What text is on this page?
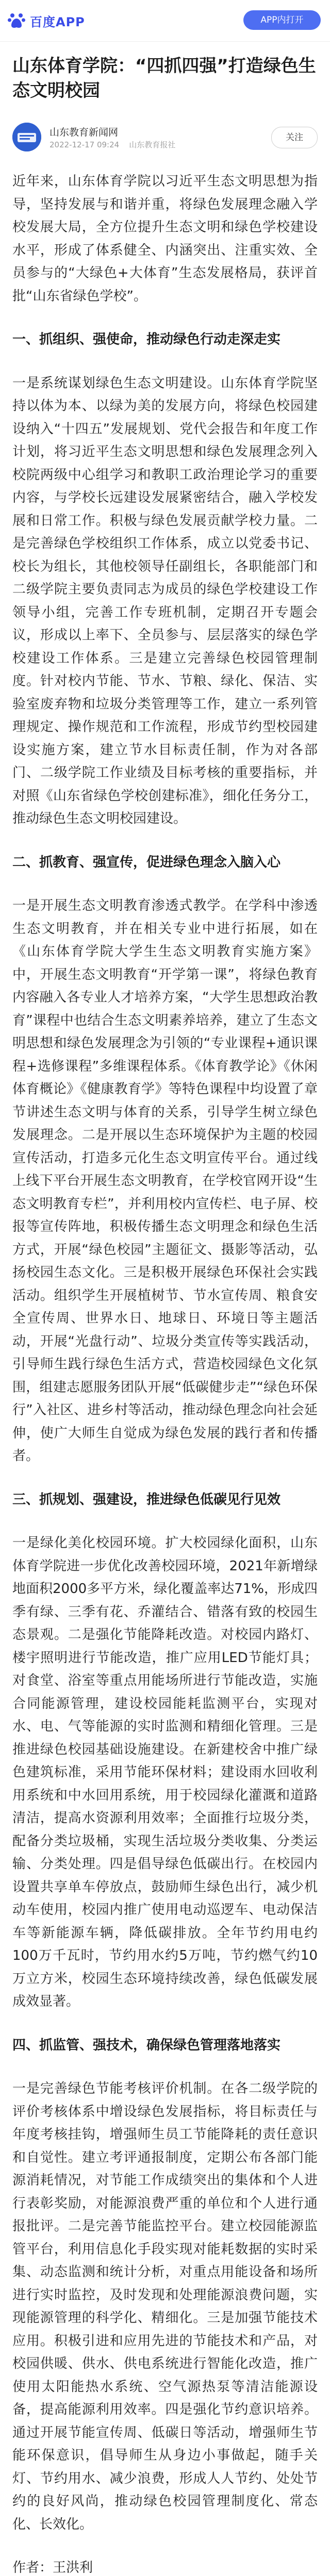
百度APP	APP内打开
山东体育学院：“四抓四强”打造绿色生态文明校园
山东教育新闻网
2022-12-17 09:24 山东教育报社
关注

近年来，山东体育学院以习近平生态文明思想为指导，坚持发展与和谐并重，将绿色发展理念融入学校发展大局，全方位提升生态文明和绿色学校建设水平，形成了体系健全、内涵突出、注重实效、全员参与的“大绿色+大体育”生态发展格局，获评首批“山东省绿色学校”。

一、抓组织、强使命，推动绿色行动走深走实

一是系统谋划绿色生态文明建设。山东体育学院坚持以体为本、以绿为美的发展方向，将绿色校园建设纳入“十四五”发展规划、党代会报告和年度工作计划，将习近平生态文明思想和绿色发展理念列入校院两级中心组学习和教职工政治理论学习的重要内容，与学校长远建设发展紧密结合，融入学校发展和日常工作。积极与绿色发展贡献学校力量。二是完善绿色学校组织工作体系，成立以党委书记、校长为组长，其他校领导任副组长，各职能部门和二级学院主要负责同志为成员的绿色学校建设工作领导小组，完善工作专班机制，定期召开专题会议，形成以上率下、全员参与、层层落实的绿色学校建设工作体系。三是建立完善绿色校园管理制度。针对校内节能、节水、节粮、绿化、保洁、实验室废弃物和垃圾分类管理等工作，建立一系列管理规定、操作规范和工作流程，形成节约型校园建设实施方案，建立节水目标责任制，作为对各部门、二级学院工作业绩及目标考核的重要指标，并对照《山东省绿色学校创建标准》，细化任务分工，推动绿色生态文明校园建设。

二、抓教育、强宣传，促进绿色理念入脑入心

一是开展生态文明教育渗透式教学。在学科中渗透生态文明教育，并在相关专业中进行拓展，如在《山东体育学院大学生生态文明教育实施方案》中，开展生态文明教育“开学第一课”，将绿色教育内容融入各专业人才培养方案，“大学生思想政治教育”课程中也结合生态文明素养培养，建立了生态文明思想和绿色发展理念为引领的“专业课程+通识课程+选修课程”多维课程体系。《体育教学论》《休闲体育概论》《健康教育学》等特色课程中均设置了章节讲述生态文明与体育的关系，引导学生树立绿色发展理念。二是开展以生态环境保护为主题的校园宣传活动，打造多元化生态文明宣传平台。通过线上线下平台开展生态文明教育，在学校官网开设“生态文明教育专栏”，并利用校内宣传栏、电子屏、校报等宣传阵地，积极传播生态文明理念和绿色生活方式，开展“绿色校园”主题征文、摄影等活动，弘扬校园生态文化。三是积极开展绿色环保社会实践活动。组织学生开展植树节、节水宣传周、粮食安全宣传周、世界水日、地球日、环境日等主题活动，开展“光盘行动”、垃圾分类宣传等实践活动，引导师生践行绿色生活方式，营造校园绿色文化氛围，组建志愿服务团队开展“低碳健步走”“绿色环保行”入社区、进乡村等活动，推动绿色理念向社会延伸，使广大师生自觉成为绿色发展的践行者和传播者。

三、抓规划、强建设，推进绿色低碳见行见效

一是绿化美化校园环境。扩大校园绿化面积，山东体育学院进一步优化改善校园环境，2021年新增绿地面积2000多平方米，绿化覆盖率达71%，形成四季有绿、三季有花、乔灌结合、错落有致的校园生态景观。二是强化节能降耗改造。对校园内路灯、楼宇照明进行节能改造，推广应用LED节能灯具；对食堂、浴室等重点用能场所进行节能改造，实施合同能源管理，建设校园能耗监测平台，实现对水、电、气等能源的实时监测和精细化管理。三是推进绿色校园基础设施建设。在新建校舍中推广绿色建筑标准，采用节能环保材料；建设雨水回收利用系统和中水回用系统，用于校园绿化灌溉和道路清洁，提高水资源利用效率；全面推行垃圾分类，配备分类垃圾桶，实现生活垃圾分类收集、分类运输、分类处理。四是倡导绿色低碳出行。在校园内设置共享单车停放点，鼓励师生绿色出行，减少机动车使用，校园内推广使用电动巡逻车、电动保洁车等新能源车辆，降低碳排放。全年节约用电约100万千瓦时，节约用水约5万吨，节约燃气约10万立方米，校园生态环境持续改善，绿色低碳发展成效显著。

四、抓监管、强技术，确保绿色管理落地落实

一是完善绿色节能考核评价机制。在各二级学院的评价考核体系中增设绿色发展指标，将目标责任与年度考核挂钩，增强师生员工节能降耗的责任意识和自觉性。建立考评通报制度，定期公布各部门能源消耗情况，对节能工作成绩突出的集体和个人进行表彰奖励，对能源浪费严重的单位和个人进行通报批评。二是完善节能监控平台。建立校园能源监管平台，利用信息化手段实现对能耗数据的实时采集、动态监测和统计分析，对重点用能设备和场所进行实时监控，及时发现和处理能源浪费问题，实现能源管理的科学化、精细化。三是加强节能技术应用。积极引进和应用先进的节能技术和产品，对校园供暖、供水、供电系统进行智能化改造，推广使用太阳能热水系统、空气源热泵等清洁能源设备，提高能源利用效率。四是强化节约意识培养。通过开展节能宣传周、低碳日等活动，增强师生节能环保意识，倡导师生从身边小事做起，随手关灯、节约用水、减少浪费，形成人人节约、处处节约的良好风尚，推动绿色校园管理制度化、常态化、长效化。

作者：王洪利
